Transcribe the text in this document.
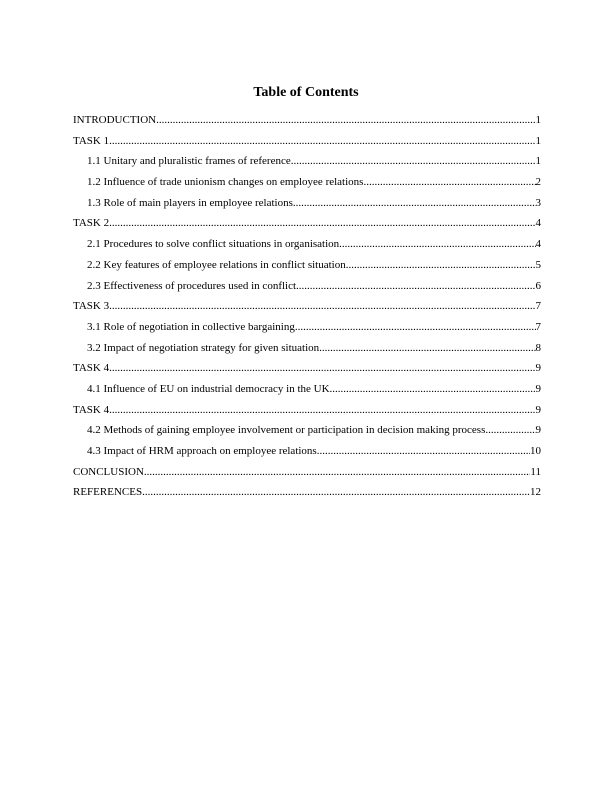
Table of Contents
INTRODUCTION .....	1
TASK 1 .....	1
1.1 Unitary and pluralistic frames of reference .....	1
1.2 Influence of trade unionism changes on employee relations .....	2
1.3 Role of main players in employee relations .....	3
TASK 2 .....	4
2.1 Procedures to solve conflict situations in organisation .....	4
2.2 Key features of employee relations in conflict situation .....	5
2.3 Effectiveness of procedures used in conflict .....	6
TASK 3 .....	7
3.1 Role of negotiation in collective bargaining .....	7
3.2 Impact of negotiation strategy for given situation .....	8
TASK 4 .....	9
4.1 Influence of EU on industrial democracy in the UK .....	9
TASK 4 .....	9
4.2 Methods of gaining employee involvement or participation in decision making process .....	9
4.3 Impact of HRM approach on employee relations .....	10
CONCLUSION .....	11
REFERENCES .....	12
